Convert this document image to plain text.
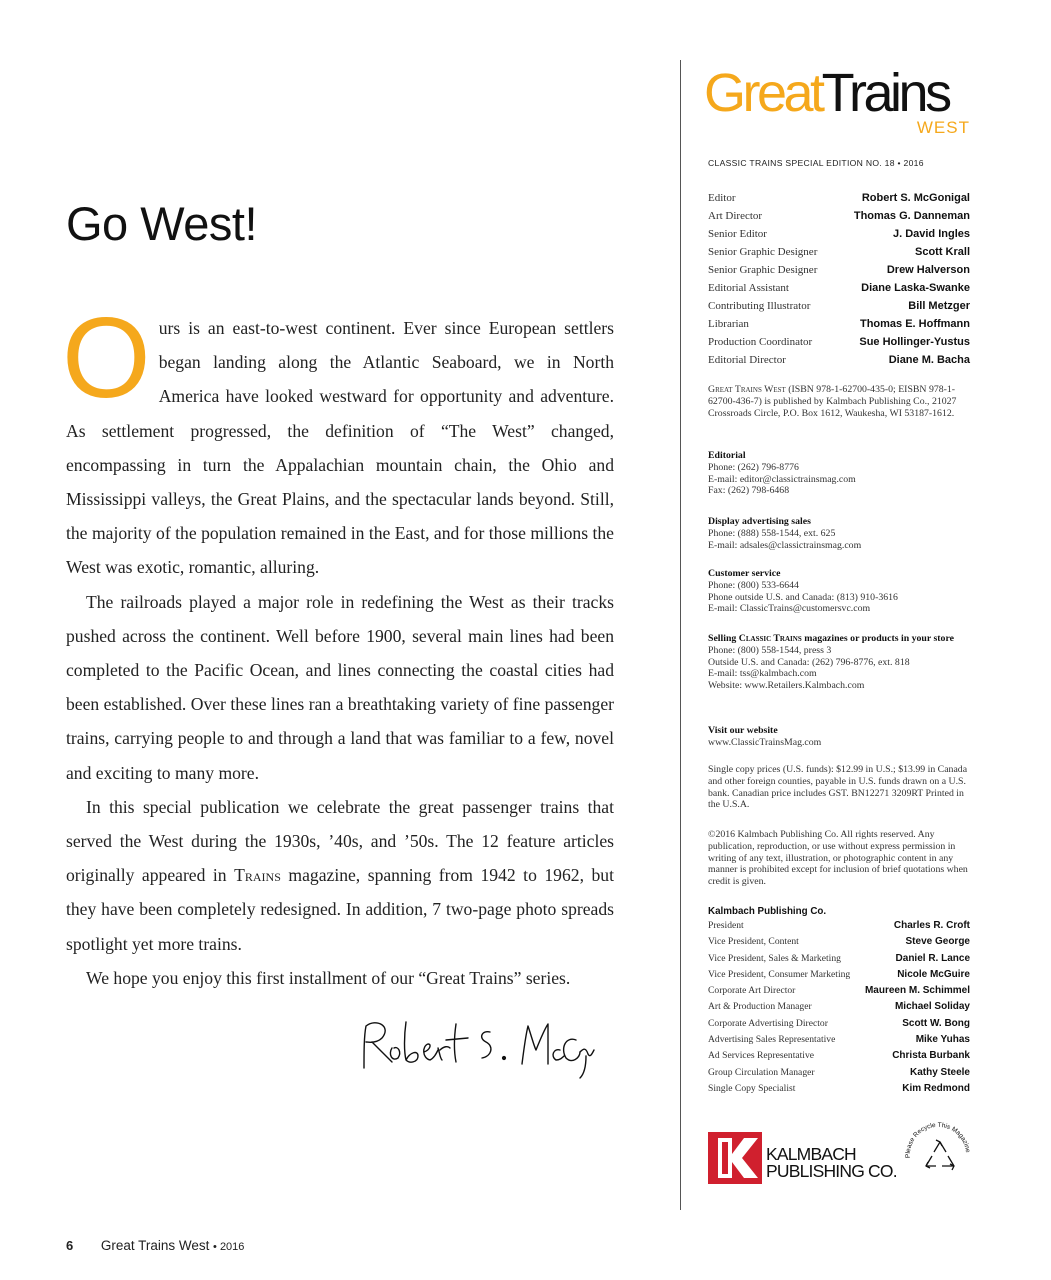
Go West!

Ours is an east-to-west continent. Ever since European settlers began landing along the Atlantic Seaboard, we in North America have looked westward for opportunity and adventure. As settlement progressed, the definition of “The West” changed, encompassing in turn the Appalachian mountain chain, the Ohio and Mississippi valleys, the Great Plains, and the spectacular lands beyond. Still, the majority of the population remained in the East, and for those millions the West was exotic, romantic, alluring.

The railroads played a major role in redefining the West as their tracks pushed across the continent. Well before 1900, several main lines had been completed to the Pacific Ocean, and lines connecting the coastal cities had been established. Over these lines ran a breathtaking variety of fine passenger trains, carrying people to and through a land that was familiar to a few, novel and exciting to many more.

In this special publication we celebrate the great passenger trains that served the West during the 1930s, ’40s, and ’50s. The 12 feature articles originally appeared in Trains magazine, spanning from 1942 to 1962, but they have been completely redesigned. In addition, 7 two-page photo spreads spotlight yet more trains.

We hope you enjoy this first installment of our “Great Trains” series.

6 Great Trains West • 2016
GreatTrains
WEST
CLASSIC TRAINS SPECIAL EDITION NO. 18 • 2016
Editor	Robert S. McGonigal
Art Director	Thomas G. Danneman
Senior Editor	J. David Ingles
Senior Graphic Designer	Scott Krall
Senior Graphic Designer	Drew Halverson
Editorial Assistant	Diane Laska-Swanke
Contributing Illustrator	Bill Metzger
Librarian	Thomas E. Hoffmann
Production Coordinator	Sue Hollinger-Yustus
Editorial Director	Diane M. Bacha
Great Trains West (ISBN 978-1-62700-435-0; EISBN 978-1-62700-436-7) is published by Kalmbach Publishing Co., 21027 Crossroads Circle, P.O. Box 1612, Waukesha, WI 53187-1612.
Editorial
Phone: (262) 796-8776
E-mail: editor@classictrainsmag.com
Fax: (262) 798-6468
Display advertising sales
Phone: (888) 558-1544, ext. 625
E-mail: adsales@classictrainsmag.com
Customer service
Phone: (800) 533-6644
Phone outside U.S. and Canada: (813) 910-3616
E-mail: ClassicTrains@customersvc.com
Selling Classic Trains magazines or products in your store
Phone: (800) 558-1544, press 3
Outside U.S. and Canada: (262) 796-8776, ext. 818
E-mail: tss@kalmbach.com
Website: www.Retailers.Kalmbach.com
Visit our website
www.ClassicTrainsMag.com
Single copy prices (U.S. funds): $12.99 in U.S.; $13.99 in Canada and other foreign counties, payable in U.S. funds drawn on a U.S. bank. Canadian price includes GST. BN12271 3209RT Printed in the U.S.A.
©2016 Kalmbach Publishing Co. All rights reserved. Any publication, reproduction, or use without express permission in writing of any text, illustration, or photographic content in any manner is prohibited except for inclusion of brief quotations when credit is given.
Kalmbach Publishing Co.
President	Charles R. Croft
Vice President, Content	Steve George
Vice President, Sales & Marketing	Daniel R. Lance
Vice President, Consumer Marketing	Nicole McGuire
Corporate Art Director	Maureen M. Schimmel
Art & Production Manager	Michael Soliday
Corporate Advertising Director	Scott W. Bong
Advertising Sales Representative	Mike Yuhas
Ad Services Representative	Christa Burbank
Group Circulation Manager	Kathy Steele
Single Copy Specialist	Kim Redmond
KALMBACH
PUBLISHING CO.
Please Recycle This Magazine
